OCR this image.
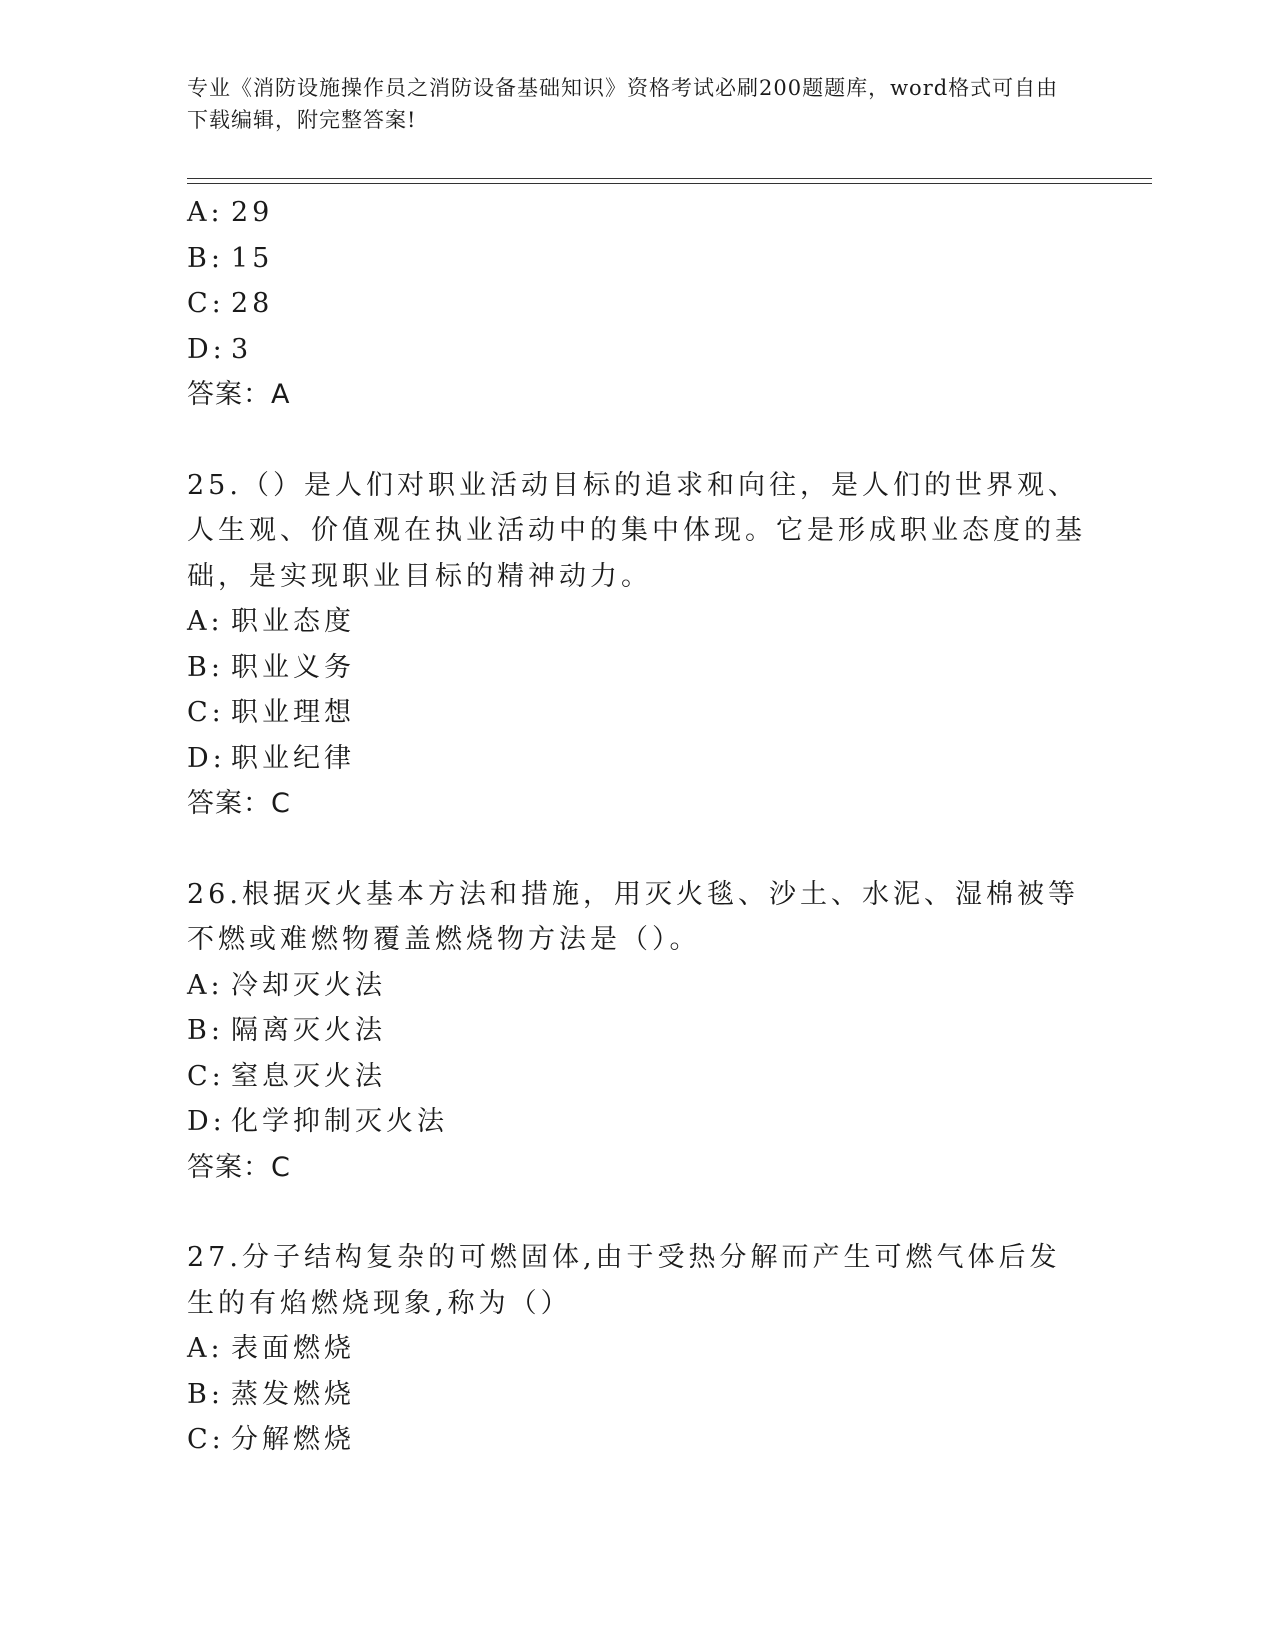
专业《消防设施操作员之消防设备基础知识》资格考试必刷200题题库，word格式可自由下载编辑，附完整答案!
A: 29
B: 15
C: 28
D: 3
答案：A
25.（）是人们对职业活动目标的追求和向往，是人们的世界观、人生观、价值观在执业活动中的集中体现。它是形成职业态度的基础，是实现职业目标的精神动力。
A: 职业态度
B: 职业义务
C: 职业理想
D: 职业纪律
答案：C
26.根据灭火基本方法和措施，用灭火毯、沙土、水泥、湿棉被等不燃或难燃物覆盖燃烧物方法是（）。
A: 冷却灭火法
B: 隔离灭火法
C: 窒息灭火法
D: 化学抑制灭火法
答案：C
27.分子结构复杂的可燃固体,由于受热分解而产生可燃气体后发生的有焰燃烧现象,称为（）
A: 表面燃烧
B: 蒸发燃烧
C: 分解燃烧
